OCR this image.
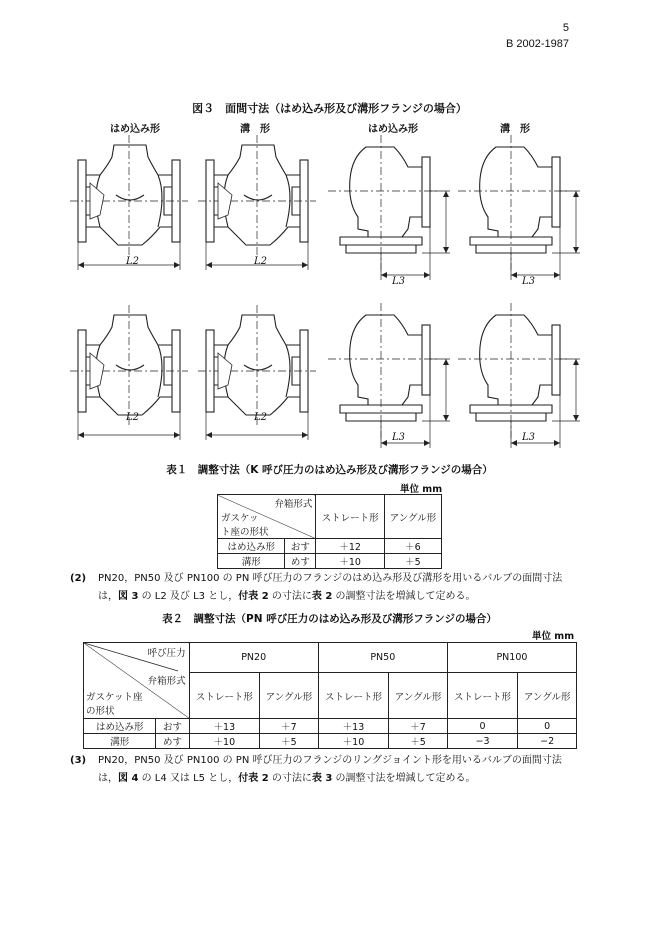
5
B 2002-1987
図３　面間寸法（はめ込み形及び溝形フランジの場合）
はめ込み形	溝　形	はめ込み形	溝　形
L2	L2
L3	L3
L2	L2
L3	L3
表１　調整寸法（K 呼び圧力のはめ込み形及び溝形フランジの場合）
単位 mm
弁箱形式
ガスケッ
ト座の形状		ストレート形	アングル形
はめ込み形	おす	＋12	＋6
溝形	めす	＋10	＋5
(2) PN20，PN50 及び PN100 の PN 呼び圧力のフランジのはめ込み形及び溝形を用いるバルブの面間寸法
は，図 3 の L2 及び L3 とし，付表 2 の寸法に表 2 の調整寸法を増減して定める。
表２　調整寸法（PN 呼び圧力のはめ込み形及び溝形フランジの場合）
単位 mm
呼び圧力
弁箱形式
ガスケット座
の形状		PN20		PN50		PN100	
		ストレート形	アングル形	ストレート形	アングル形	ストレート形	アングル形
はめ込み形	おす	＋13	＋7	＋13	＋7	0	0
溝形	めす	＋10	＋5	＋10	＋5	−3	−2
(3) PN20，PN50 及び PN100 の PN 呼び圧力のフランジのリングジョイント形を用いるバルブの面間寸法
は，図 4 の L4 又は L5 とし，付表 2 の寸法に表 3 の調整寸法を増減して定める。
